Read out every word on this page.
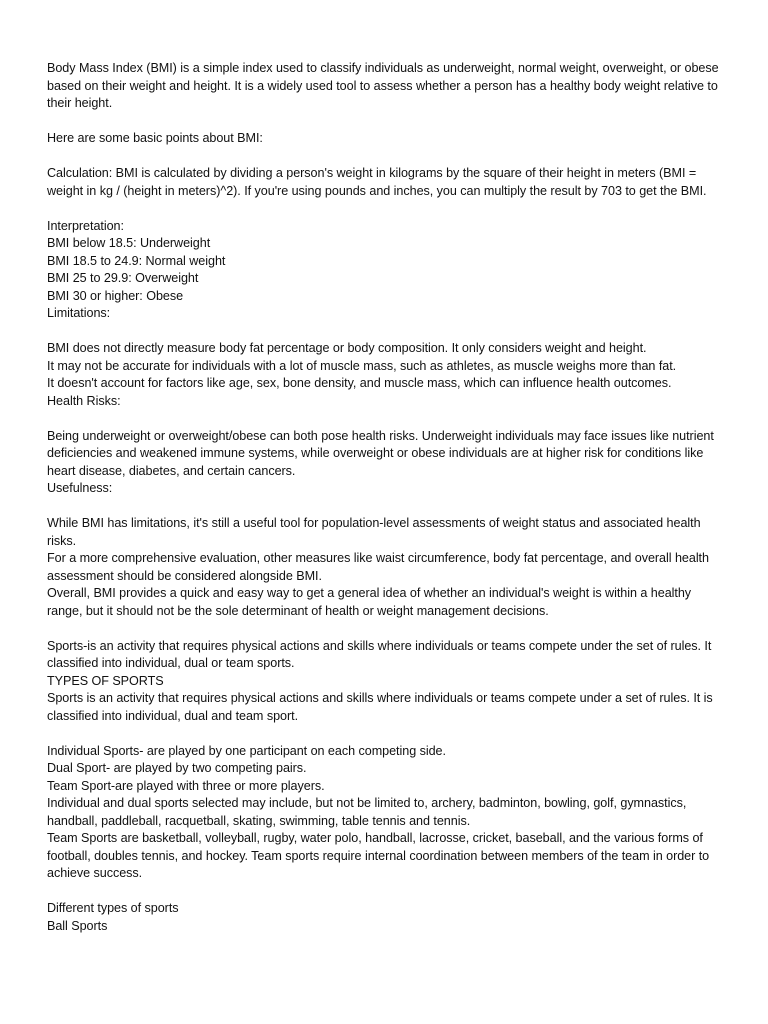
Body Mass Index (BMI) is a simple index used to classify individuals as underweight, normal weight, overweight, or obese based on their weight and height. It is a widely used tool to assess whether a person has a healthy body weight relative to their height.

Here are some basic points about BMI:

Calculation: BMI is calculated by dividing a person's weight in kilograms by the square of their height in meters (BMI = weight in kg / (height in meters)^2). If you're using pounds and inches, you can multiply the result by 703 to get the BMI.

Interpretation:

BMI below 18.5: Underweight

BMI 18.5 to 24.9: Normal weight

BMI 25 to 29.9: Overweight

BMI 30 or higher: Obese

Limitations:

BMI does not directly measure body fat percentage or body composition. It only considers weight and height.

It may not be accurate for individuals with a lot of muscle mass, such as athletes, as muscle weighs more than fat.

It doesn't account for factors like age, sex, bone density, and muscle mass, which can influence health outcomes.

Health Risks:

Being underweight or overweight/obese can both pose health risks. Underweight individuals may face issues like nutrient deficiencies and weakened immune systems, while overweight or obese individuals are at higher risk for conditions like heart disease, diabetes, and certain cancers.

Usefulness:

While BMI has limitations, it's still a useful tool for population-level assessments of weight status and associated health risks.

For a more comprehensive evaluation, other measures like waist circumference, body fat percentage, and overall health assessment should be considered alongside BMI.

Overall, BMI provides a quick and easy way to get a general idea of whether an individual's weight is within a healthy range, but it should not be the sole determinant of health or weight management decisions.

Sports-is an activity that requires physical actions and skills where individuals or teams compete under the set of rules. It classified into individual, dual or team sports.

TYPES OF SPORTS

Sports is an activity that requires physical actions and skills where individuals or teams compete under a set of rules. It is classified into individual, dual and team sport.

Individual Sports- are played by one participant on each competing side.

Dual Sport- are played by two competing pairs.

Team Sport-are played with three or more players.

Individual and dual sports selected may include, but not be limited to, archery, badminton, bowling, golf, gymnastics, handball, paddleball, racquetball, skating, swimming, table tennis and tennis.

Team Sports are basketball, volleyball, rugby, water polo, handball, lacrosse, cricket, baseball, and the various forms of football, doubles tennis, and hockey. Team sports require internal coordination between members of the team in order to achieve success.

Different types of sports

Ball Sports
